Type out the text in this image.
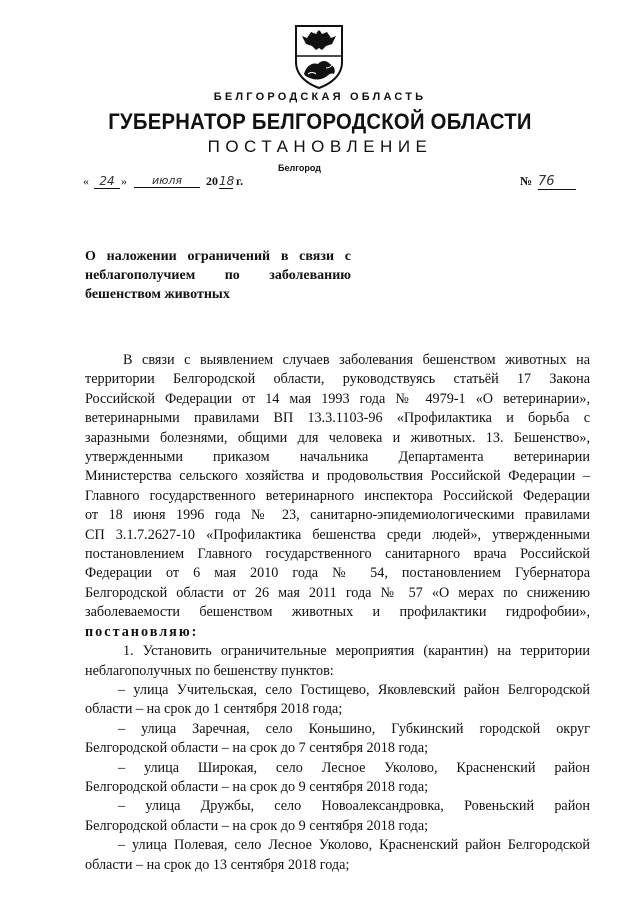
БЕЛГОРОДСКАЯ ОБЛАСТЬ
ГУБЕРНАТОР БЕЛГОРОДСКОЙ ОБЛАСТИ
ПОСТАНОВЛЕНИЕ
Белгород
« 24 »	июля	20 18 г.	№ 76
О наложении ограничений в связи с
неблагополучием по заболеванию
бешенством животных
В связи с выявлением случаев заболевания бешенством животных на
территории Белгородской области, руководствуясь статьёй 17 Закона
Российской Федерации от 14 мая 1993 года № 4979-1 «О ветеринарии»,
ветеринарными правилами ВП 13.3.1103-96 «Профилактика и борьба с
заразными болезнями, общими для человека и животных. 13. Бешенство»,
утвержденными приказом начальника Департамента ветеринарии
Министерства сельского хозяйства и продовольствия Российской Федерации –
Главного государственного ветеринарного инспектора Российской Федерации
от 18 июня 1996 года № 23, санитарно-эпидемиологическими правилами
СП 3.1.7.2627-10 «Профилактика бешенства среди людей», утвержденными
постановлением Главного государственного санитарного врача Российской
Федерации от 6 мая 2010 года № 54, постановлением Губернатора
Белгородской области от 26 мая 2011 года № 57 «О мерах по снижению
заболеваемости бешенством животных и профилактики гидрофобии»,
постановляю:
1. Установить ограничительные мероприятия (карантин) на территории
неблагополучных по бешенству пунктов:
– улица Учительская, село Гостищево, Яковлевский район Белгородской
области – на срок до 1 сентября 2018 года;
– улица Заречная, село Коньшино, Губкинский городской округ
Белгородской области – на срок до 7 сентября 2018 года;
– улица Широкая, село Лесное Уколово, Красненский район
Белгородской области – на срок до 9 сентября 2018 года;
– улица Дружбы, село Новоалександровка, Ровеньский район
Белгородской области – на срок до 9 сентября 2018 года;
– улица Полевая, село Лесное Уколово, Красненский район Белгородской
области – на срок до 13 сентября 2018 года;
